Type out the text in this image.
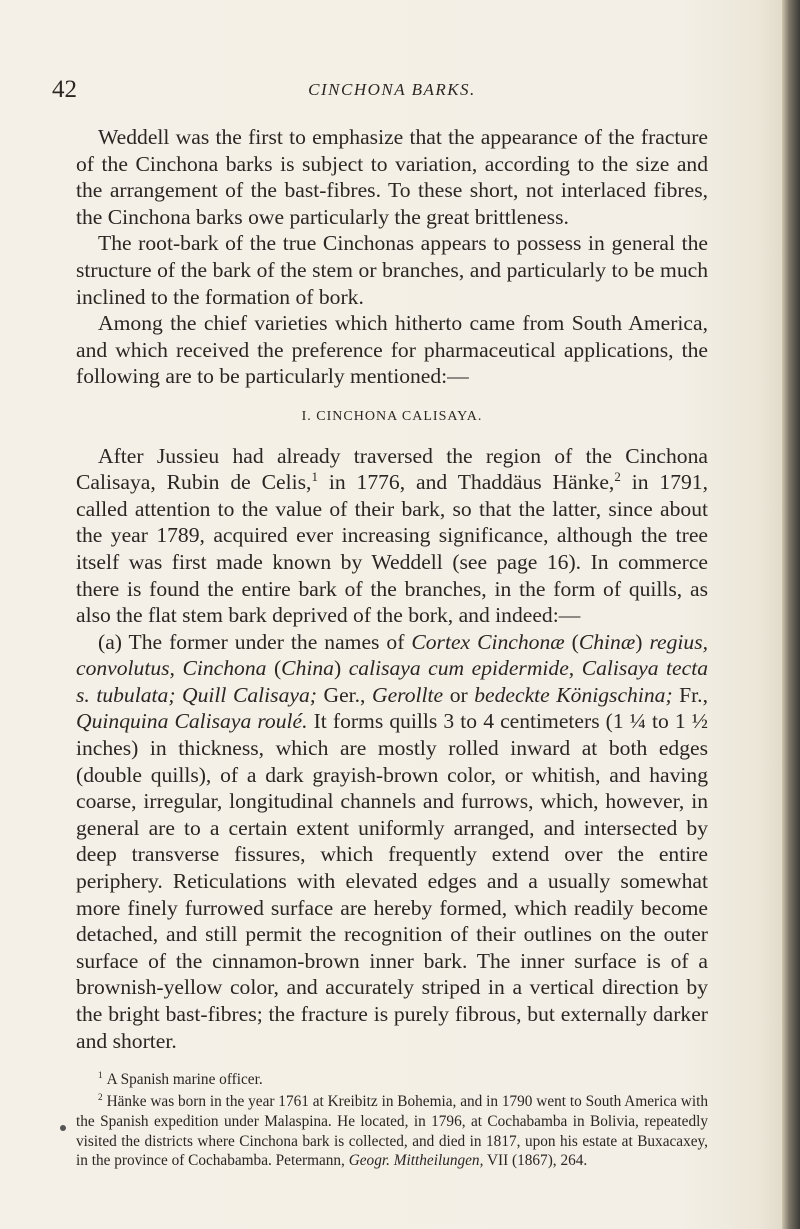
42	CINCHONA BARKS.

Weddell was the first to emphasize that the appearance of the fracture of the Cinchona barks is subject to variation, according to the size and the arrangement of the bast-fibres. To these short, not interlaced fibres, the Cinchona barks owe particularly the great brittleness.

The root-bark of the true Cinchonas appears to possess in general the structure of the bark of the stem or branches, and particularly to be much inclined to the formation of bork.

Among the chief varieties which hitherto came from South America, and which received the preference for pharmaceutical applications, the following are to be particularly mentioned:—

I. CINCHONA CALISAYA.

After Jussieu had already traversed the region of the Cinchona Calisaya, Rubin de Celis,$^1$ in 1776, and Thaddäus Hänke,$^2$ in 1791, called attention to the value of their bark, so that the latter, since about the year 1789, acquired ever increasing significance, although the tree itself was first made known by Weddell (see page 16). In commerce there is found the entire bark of the branches, in the form of quills, as also the flat stem bark deprived of the bork, and indeed:—

(a) The former under the names of Cortex Cinchonæ (Chinæ) regius, convolutus, Cinchona (China) calisaya cum epidermide, Calisaya tecta s. tubulata; Quill Calisaya; Ger., Gerollte or bedeckte Königschina; Fr., Quinquina Calisaya roulé. It forms quills 3 to 4 centimeters (1 ¼ to 1 ½ inches) in thickness, which are mostly rolled inward at both edges (double quills), of a dark grayish-brown color, or whitish, and having coarse, irregular, longitudinal channels and furrows, which, however, in general are to a certain extent uniformly arranged, and intersected by deep transverse fissures, which frequently extend over the entire periphery. Reticulations with elevated edges and a usually somewhat more finely furrowed surface are hereby formed, which readily become detached, and still permit the recognition of their outlines on the outer surface of the cinnamon-brown inner bark. The inner surface is of a brownish-yellow color, and accurately striped in a vertical direction by the bright bast-fibres; the fracture is purely fibrous, but externally darker and shorter.

$^1$ A Spanish marine officer.

$^2$ Hänke was born in the year 1761 at Kreibitz in Bohemia, and in 1790 went to South America with the Spanish expedition under Malaspina. He located, in 1796, at Cochabamba in Bolivia, repeatedly visited the districts where Cinchona bark is collected, and died in 1817, upon his estate at Buxacaxey, in the province of Cochabamba. Petermann, Geogr. Mittheilungen, VII (1867), 264.
